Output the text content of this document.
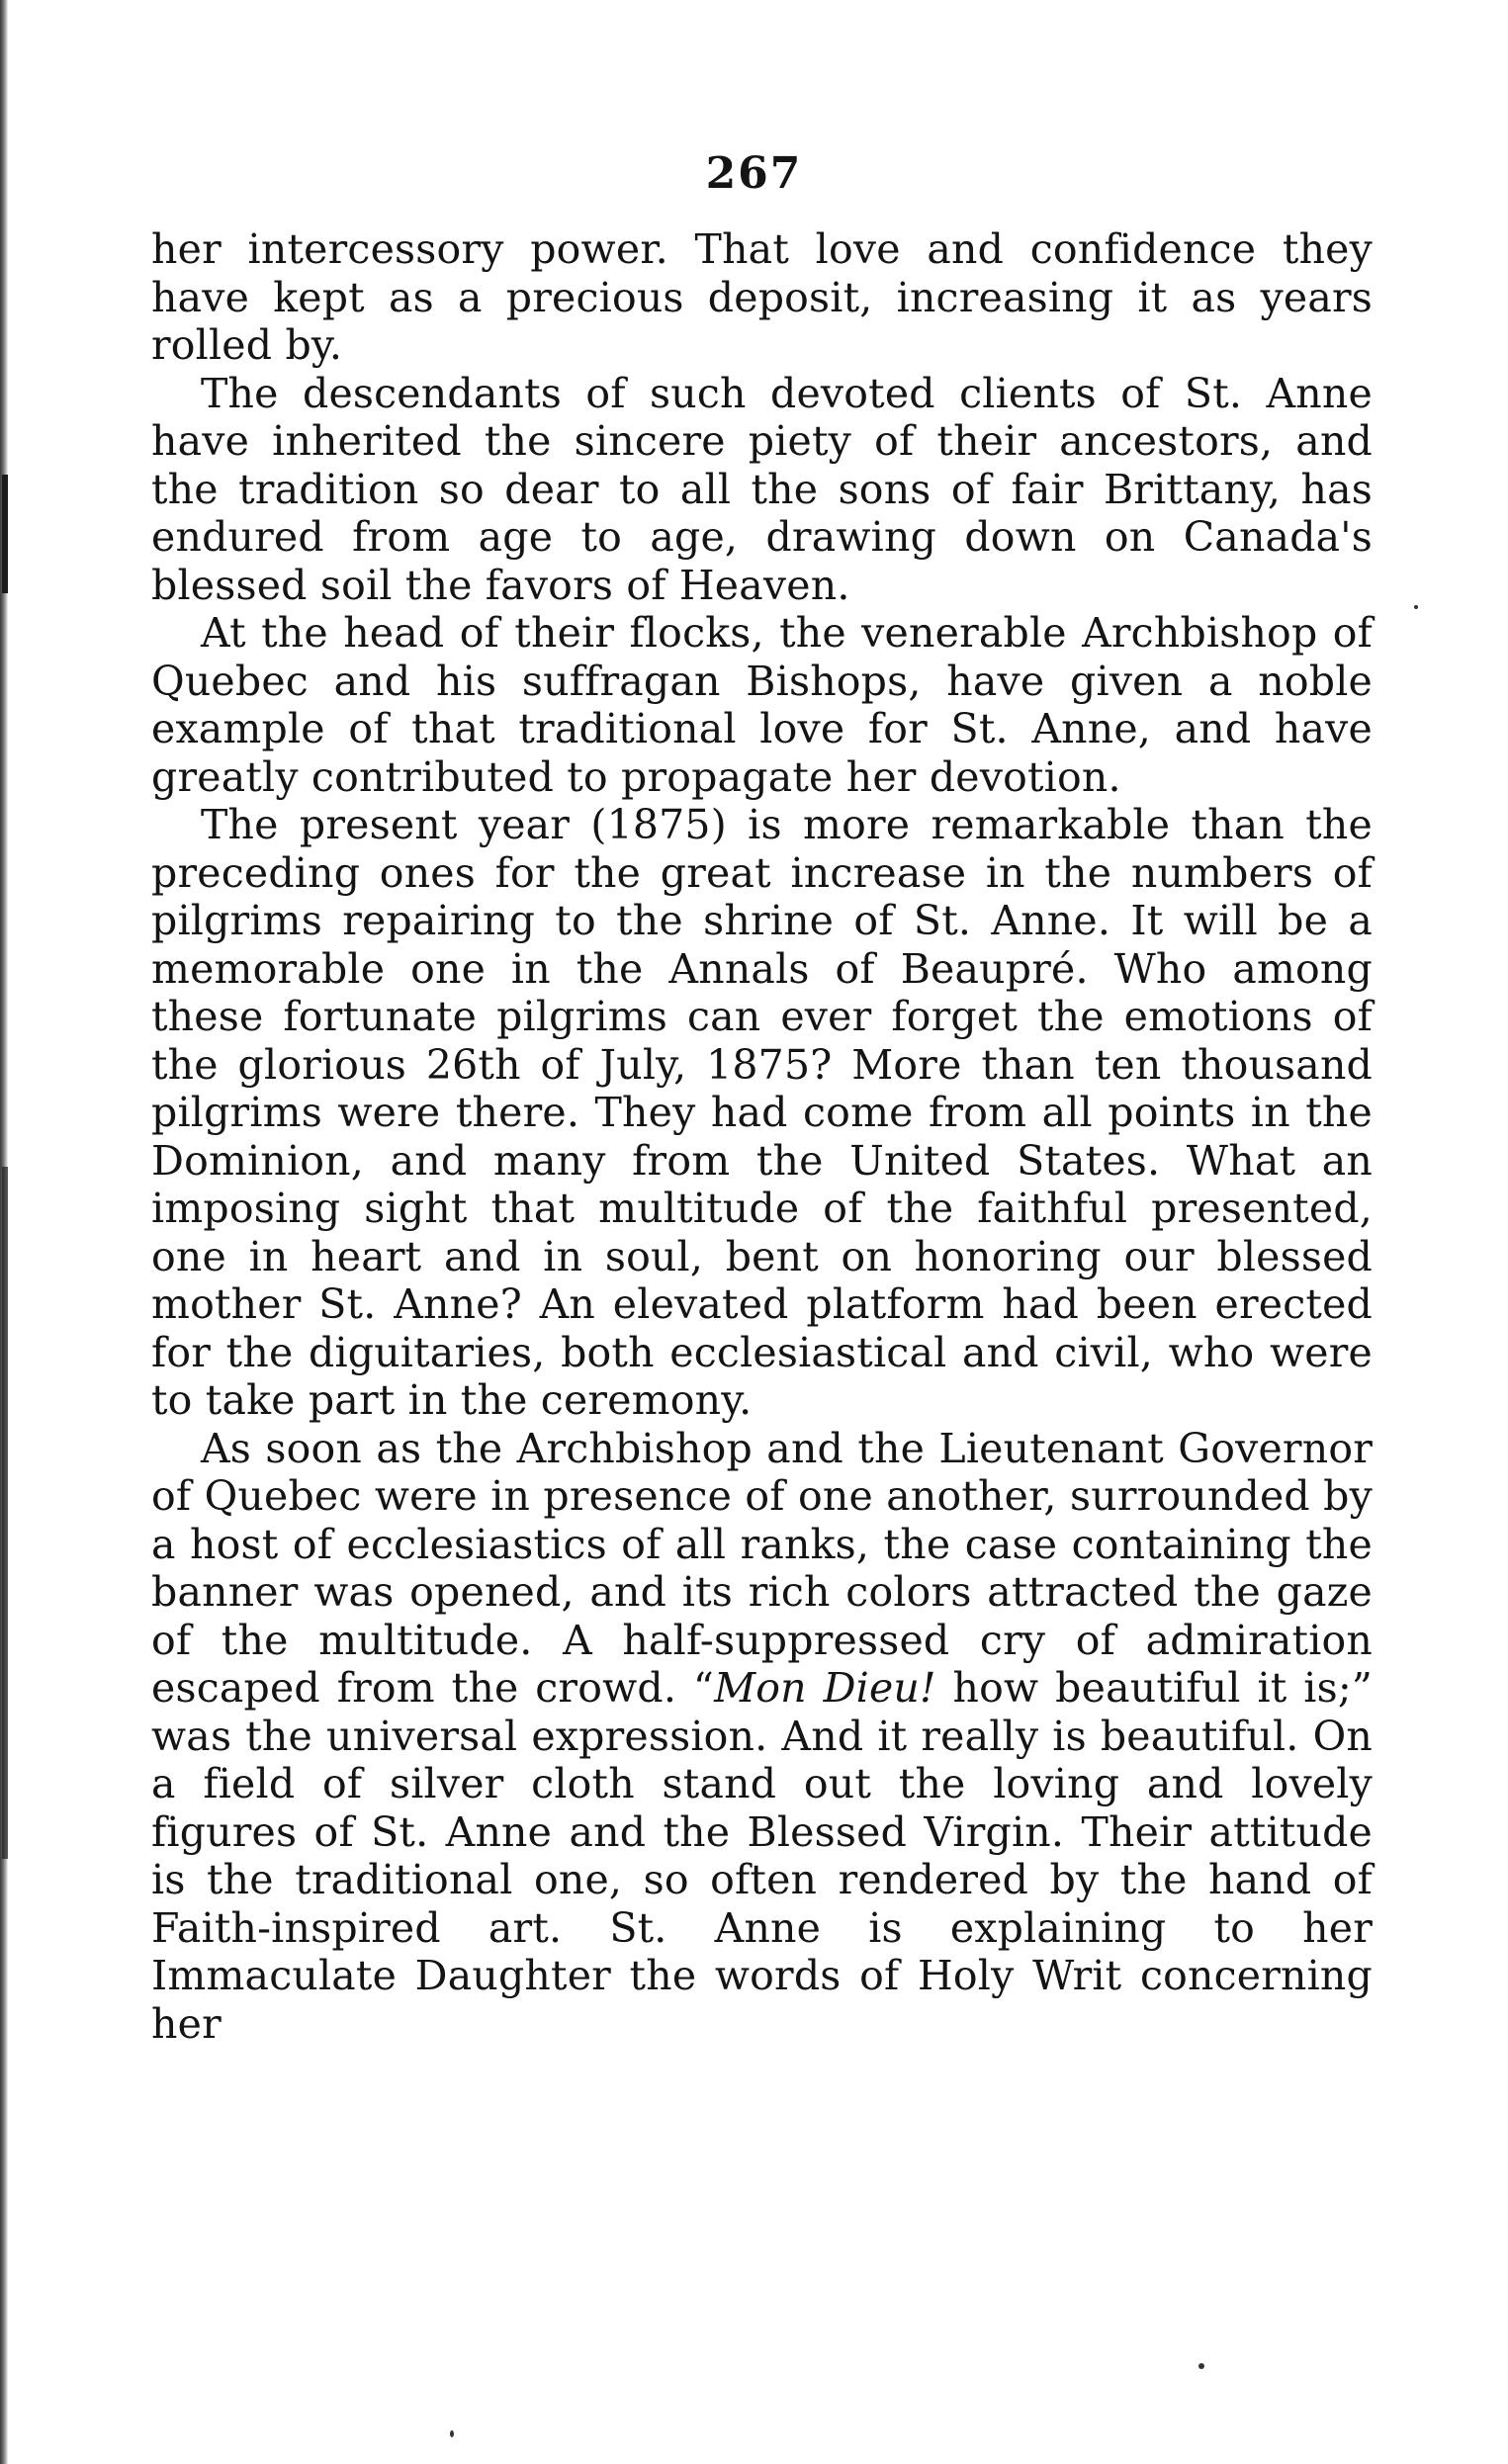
267

her intercessory power. That love and confidence they have kept as a precious deposit, increasing it as years rolled by.

The descendants of such devoted clients of St. Anne have inherited the sincere piety of their ancestors, and the tradition so dear to all the sons of fair Brittany, has endured from age to age, drawing down on Canada's blessed soil the favors of Heaven.

At the head of their flocks, the venerable Archbishop of Quebec and his suffragan Bishops, have given a noble example of that traditional love for St. Anne, and have greatly contributed to propagate her devotion.

The present year (1875) is more remarkable than the preceding ones for the great increase in the numbers of pilgrims repairing to the shrine of St. Anne. It will be a memorable one in the Annals of Beaupré. Who among these fortunate pilgrims can ever forget the emotions of the glorious 26th of July, 1875? More than ten thousand pilgrims were there. They had come from all points in the Dominion, and many from the United States. What an imposing sight that multitude of the faithful presented, one in heart and in soul, bent on honoring our blessed mother St. Anne? An elevated platform had been erected for the diguitaries, both ecclesiastical and civil, who were to take part in the ceremony.

As soon as the Archbishop and the Lieutenant Governor of Quebec were in presence of one another, surrounded by a host of ecclesiastics of all ranks, the case containing the banner was opened, and its rich colors attracted the gaze of the multitude. A half-suppressed cry of admiration escaped from the crowd. “Mon Dieu! how beautiful it is;” was the universal expression. And it really is beautiful. On a field of silver cloth stand out the loving and lovely figures of St. Anne and the Blessed Virgin. Their attitude is the traditional one, so often rendered by the hand of Faith-inspired art. St. Anne is explaining to her Immaculate Daughter the words of Holy Writ concerning her
